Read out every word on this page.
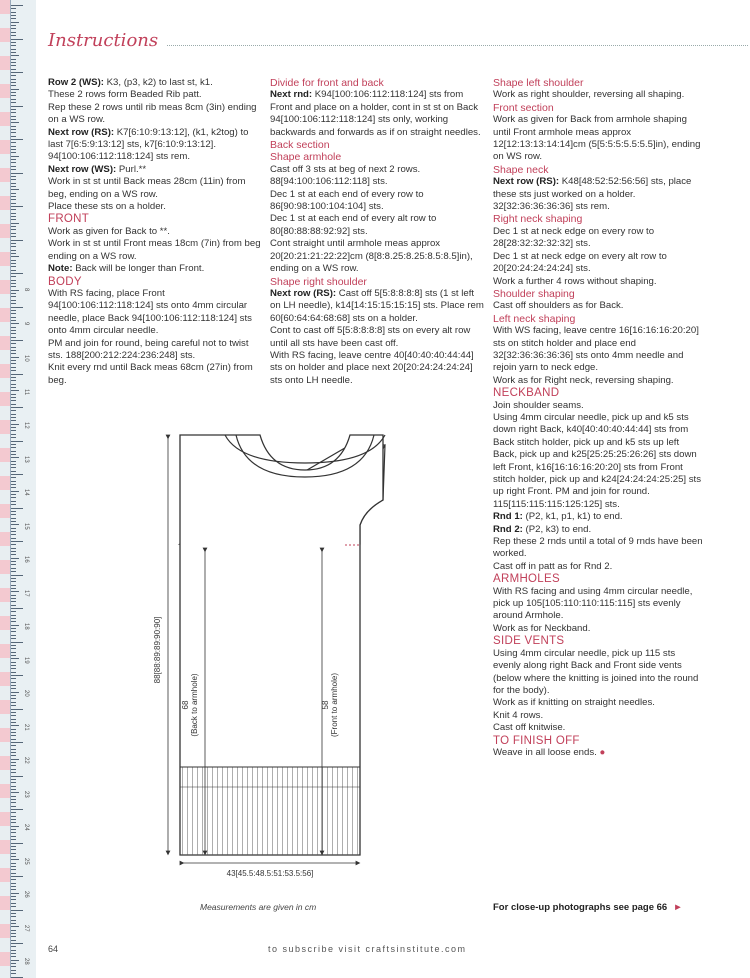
8
9
10
11
12
13
14
15
16
17
18
19
20
21
22
23
24
25
26
27
28
Instructions

Row 2 (WS): K3, (p3, k2) to last st, k1.

These 2 rows form Beaded Rib patt.

Rep these 2 rows until rib meas 8cm (3in) ending on a WS row.

Next row (RS): K7[6:10:9:13:12], (k1, k2tog) to last 7[6:5:9:13:12] sts, k7[6:10:9:13:12]. 94[100:106:112:118:124] sts rem.

Next row (WS): Purl.**

Work in st st until Back meas 28cm (11in) from beg, ending on a WS row.

Place these sts on a holder.

FRONT

Work as given for Back to **.

Work in st st until Front meas 18cm (7in) from beg ending on a WS row.

Note: Back will be longer than Front.

BODY

With RS facing, place Front 94[100:106:112:118:124] sts onto 4mm circular needle, place Back 94[100:106:112:118:124] sts onto 4mm circular needle.

PM and join for round, being careful not to twist sts. 188[200:212:224:236:248] sts.

Knit every rnd until Back meas 68cm (27in) from beg.

Divide for front and back

Next rnd: K94[100:106:112:118:124] sts from Front and place on a holder, cont in st st on Back 94[100:106:112:118:124] sts only, working backwards and forwards as if on straight needles.

Back section

Shape armhole

Cast off 3 sts at beg of next 2 rows. 88[94:100:106:112:118] sts.

Dec 1 st at each end of every row to 86[90:98:100:104:104] sts.

Dec 1 st at each end of every alt row to 80[80:88:88:92:92] sts.

Cont straight until armhole meas approx 20[20:21:21:22:22]cm (8[8:8.25:8.25:8.5:8.5]in), ending on a WS row.

Shape right shoulder

Next row (RS): Cast off 5[5:8:8:8:8] sts (1 st left on LH needle), k14[14:15:15:15:15] sts. Place rem 60[60:64:64:68:68] sts on a holder.

Cont to cast off 5[5:8:8:8:8] sts on every alt row until all sts have been cast off.

With RS facing, leave centre 40[40:40:40:44:44] sts on holder and place next 20[20:24:24:24:24] sts onto LH needle.

Shape left shoulder

Work as right shoulder, reversing all shaping.

Front section

Work as given for Back from armhole shaping until Front armhole meas approx 12[12:13:13:14:14]cm (5[5:5:5:5.5:5.5]in), ending on WS row.

Shape neck

Next row (RS): K48[48:52:52:56:56] sts, place these sts just worked on a holder. 32[32:36:36:36:36] sts rem.

Right neck shaping

Dec 1 st at neck edge on every row to 28[28:32:32:32:32] sts.

Dec 1 st at neck edge on every alt row to 20[20:24:24:24:24] sts.

Work a further 4 rows without shaping.

Shoulder shaping

Cast off shoulders as for Back.

Left neck shaping

With WS facing, leave centre 16[16:16:16:20:20] sts on stitch holder and place end 32[32:36:36:36:36] sts onto 4mm needle and rejoin yarn to neck edge.

Work as for Right neck, reversing shaping.

NECKBAND

Join shoulder seams.

Using 4mm circular needle, pick up and k5 sts down right Back, k40[40:40:40:44:44] sts from Back stitch holder, pick up and k5 sts up left Back, pick up and k25[25:25:25:26:26] sts down left Front, k16[16:16:16:20:20] sts from Front stitch holder, pick up and k24[24:24:24:25:25] sts up right Front. PM and join for round. 115[115:115:115:125:125] sts.

Rnd 1: (P2, k1, p1, k1) to end.

Rnd 2: (P2, k3) to end.

Rep these 2 rnds until a total of 9 rnds have been worked.

Cast off in patt as for Rnd 2.

ARMHOLES

With RS facing and using 4mm circular needle, pick up 105[105:110:110:115:115] sts evenly around Armhole.

Work as for Neckband.

SIDE VENTS

Using 4mm circular needle, pick up 115 sts evenly along right Back and Front side vents (below where the knitting is joined into the round for the body).

Work as if knitting on straight needles.

Knit 4 rows.

Cast off knitwise.

TO FINISH OFF

Weave in all loose ends. ●

88[88:89:89:90:90]
68 (Back to armhole)	58 (Front to armhole)
43[45.5:48.5:51:53.5:56]
Measurements are given in cm	For close-up photographs see page 66 ►
64	to subscribe visit craftsinstitute.com
